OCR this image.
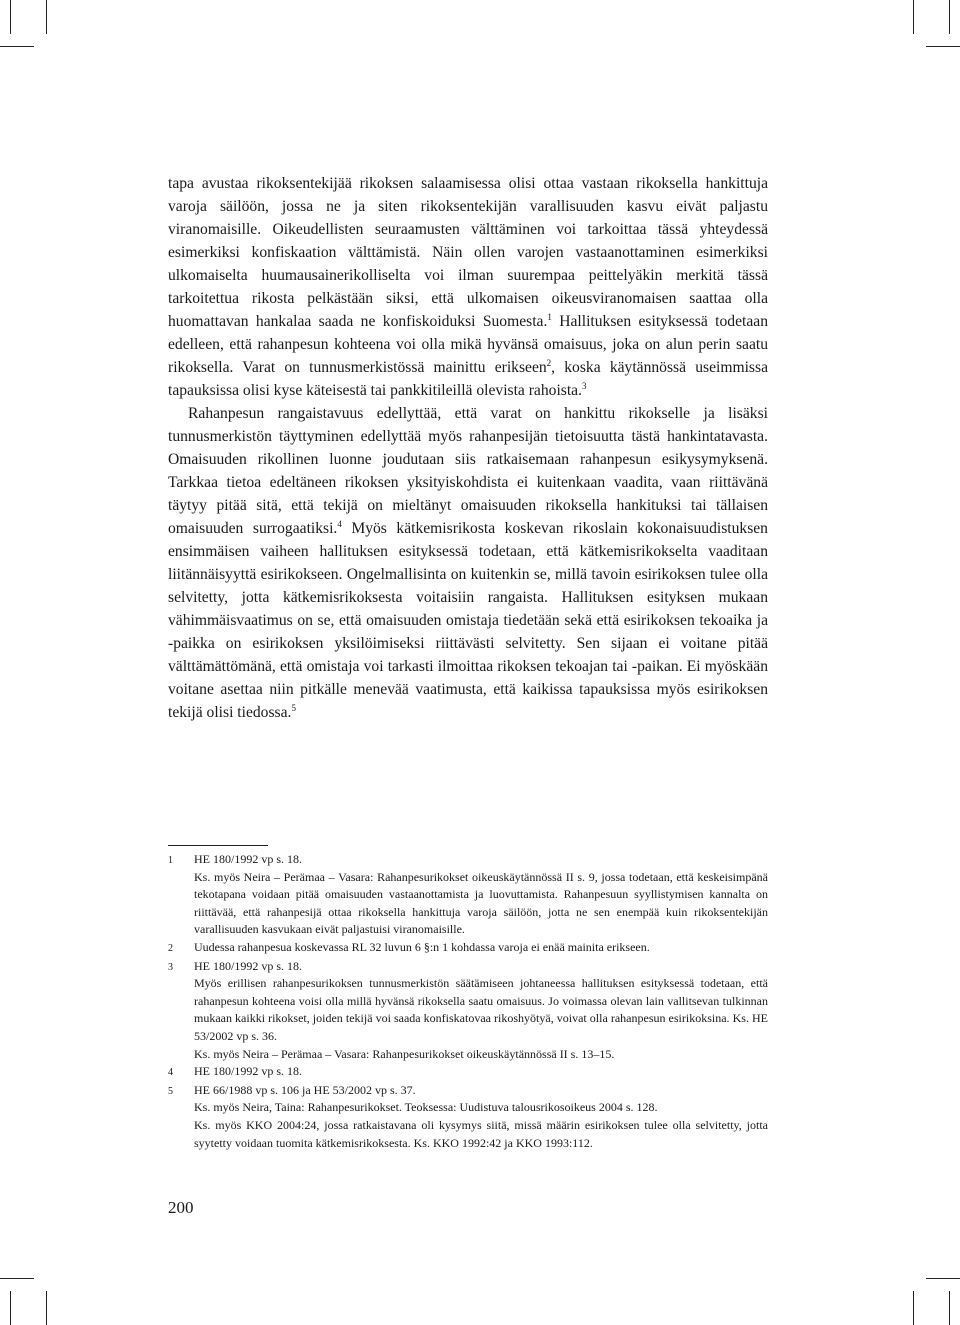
tapa avustaa rikoksentekijää rikoksen salaamisessa olisi ottaa vastaan rikoksella hankittuja varoja säilöön, jossa ne ja siten rikoksentekijän varallisuuden kasvu eivät paljastu viranomaisille. Oikeudellisten seuraamusten välttäminen voi tarkoittaa tässä yhteydessä esimerkiksi konfiskaation välttämistä. Näin ollen varojen vastaanottaminen esimerkiksi ulkomaiselta huumausainerikolliselta voi ilman suurempaa peittelyäkin merkitä tässä tarkoitettua rikosta pelkästään siksi, että ulkomaisen oikeusviranomaisen saattaa olla huomattavan hankalaa saada ne konfiskoiduksi Suomesta.$^1$ Hallituksen esityksessä todetaan edelleen, että rahanpesun kohteena voi olla mikä hyvänsä omaisuus, joka on alun perin saatu rikoksella. Varat on tunnusmerkistössä mainittu erikseen$^2$, koska käytännössä useimmissa tapauksissa olisi kyse käteisestä tai pankkitileillä olevista rahoista.$^3$

Rahanpesun rangaistavuus edellyttää, että varat on hankittu rikokselle ja lisäksi tunnusmerkistön täyttyminen edellyttää myös rahanpesijän tietoisuutta tästä hankintatavasta. Omaisuuden rikollinen luonne joudutaan siis ratkaisemaan rahanpesun esikysymyksenä. Tarkkaa tietoa edeltäneen rikoksen yksityiskohdista ei kuitenkaan vaadita, vaan riittävänä täytyy pitää sitä, että tekijä on mieltänyt omaisuuden rikoksella hankituksi tai tällaisen omaisuuden surrogaatiksi.$^4$ Myös kätkemisrikosta koskevan rikoslain kokonaisuudistuksen ensimmäisen vaiheen hallituksen esityksessä todetaan, että kätkemisrikokselta vaaditaan liitännäisyyttä esirikokseen. Ongelmallisinta on kuitenkin se, millä tavoin esirikoksen tulee olla selvitetty, jotta kätkemisrikoksesta voitaisiin rangaista. Hallituksen esityksen mukaan vähimmäisvaatimus on se, että omaisuuden omistaja tiedetään sekä että esirikoksen tekoaika ja -paikka on esirikoksen yksilöimiseksi riittävästi selvitetty. Sen sijaan ei voitane pitää välttämättömänä, että omistaja voi tarkasti ilmoittaa rikoksen tekoajan tai -paikan. Ei myöskään voitane asettaa niin pitkälle menevää vaatimusta, että kaikissa tapauksissa myös esirikoksen tekijä olisi tiedossa.$^5$

1	HE 180/1992 vp s. 18.
Ks. myös Neira – Perämaa – Vasara: Rahanpesurikokset oikeuskäytännössä II s. 9, jossa todetaan, että keskeisimpänä tekotapana voidaan pitää omaisuuden vastaanottamista ja luovuttamista. Rahanpesuun syyllistymisen kannalta on riittävää, että rahanpesijä ottaa rikoksella hankittuja varoja säilöön, jotta ne sen enempää kuin rikoksentekijän varallisuuden kasvukaan eivät paljastuisi viranomaisille.
2	Uudessa rahanpesua koskevassa RL 32 luvun 6 §:n 1 kohdassa varoja ei enää mainita erikseen.
3	HE 180/1992 vp s. 18.
Myös erillisen rahanpesurikoksen tunnusmerkistön säätämiseen johtaneessa hallituksen esityksessä todetaan, että rahanpesun kohteena voisi olla millä hyvänsä rikoksella saatu omaisuus. Jo voimassa olevan lain vallitsevan tulkinnan mukaan kaikki rikokset, joiden tekijä voi saada konfiskatovaa rikoshyötyä, voivat olla rahanpesun esirikoksina. Ks. HE 53/2002 vp s. 36.
Ks. myös Neira – Perämaa – Vasara: Rahanpesurikokset oikeuskäytännössä II s. 13–15.
4	HE 180/1992 vp s. 18.
5	HE 66/1988 vp s. 106 ja HE 53/2002 vp s. 37.
Ks. myös Neira, Taina: Rahanpesurikokset. Teoksessa: Uudistuva talousrikosoikeus 2004 s. 128.
Ks. myös KKO 2004:24, jossa ratkaistavana oli kysymys siitä, missä määrin esirikoksen tulee olla selvitetty, jotta syytetty voidaan tuomita kätkemisrikoksesta. Ks. KKO 1992:42 ja KKO 1993:112.
200
